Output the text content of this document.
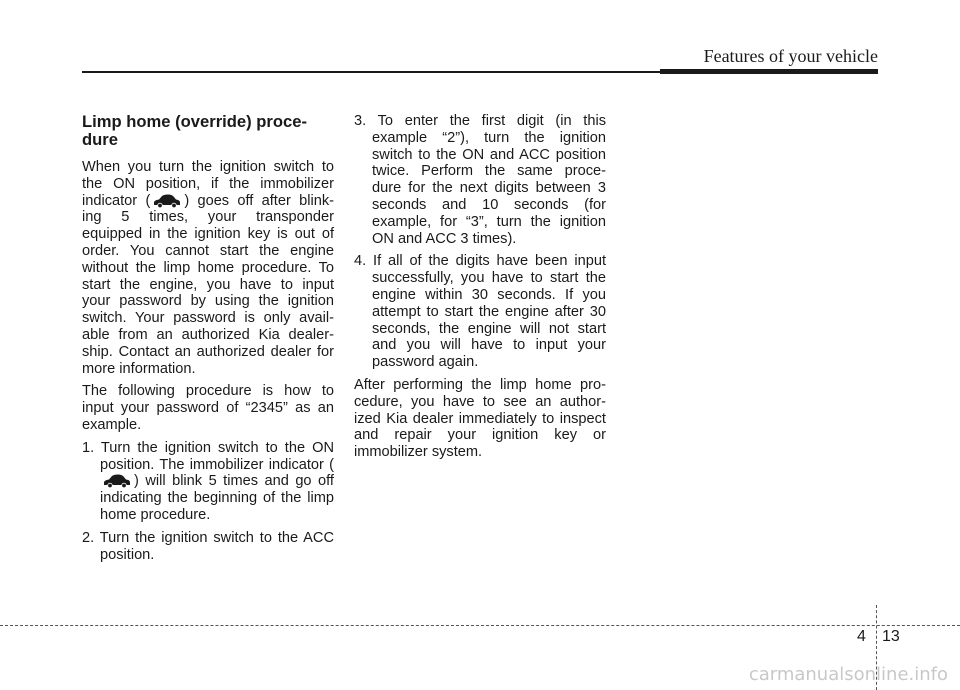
Features of your vehicle
Limp home (override) proce- dure

When you turn the ignition switch to the ON position, if the immobilizer indicator ( ) goes off after blink- ing 5 times, your transponder equipped in the ignition key is out of order. You cannot start the engine without the limp home procedure. To start the engine, you have to input your password by using the ignition switch. Your password is only avail- able from an authorized Kia dealer- ship. Contact an authorized dealer for more information.

The following procedure is how to input your password of “2345” as an example.

1. Turn the ignition switch to the ON position. The immobilizer indicator () will blink 5 times and go off indicating the beginning of the limp home procedure.

2. Turn the ignition switch to the ACC position.

3. To enter the first digit (in this example “2”), turn the ignition switch to the ON and ACC position twice. Perform the same proce- dure for the next digits between 3 seconds and 10 seconds (for example, for “3”, turn the ignition ON and ACC 3 times).

4. If all of the digits have been input successfully, you have to start the engine within 30 seconds. If you attempt to start the engine after 30 seconds, the engine will not start and you will have to input your password again.

After performing the limp home pro- cedure, you have to see an author- ized Kia dealer immediately to inspect and repair your ignition key or immobilizer system.

4 13
carmanualsonline.info
